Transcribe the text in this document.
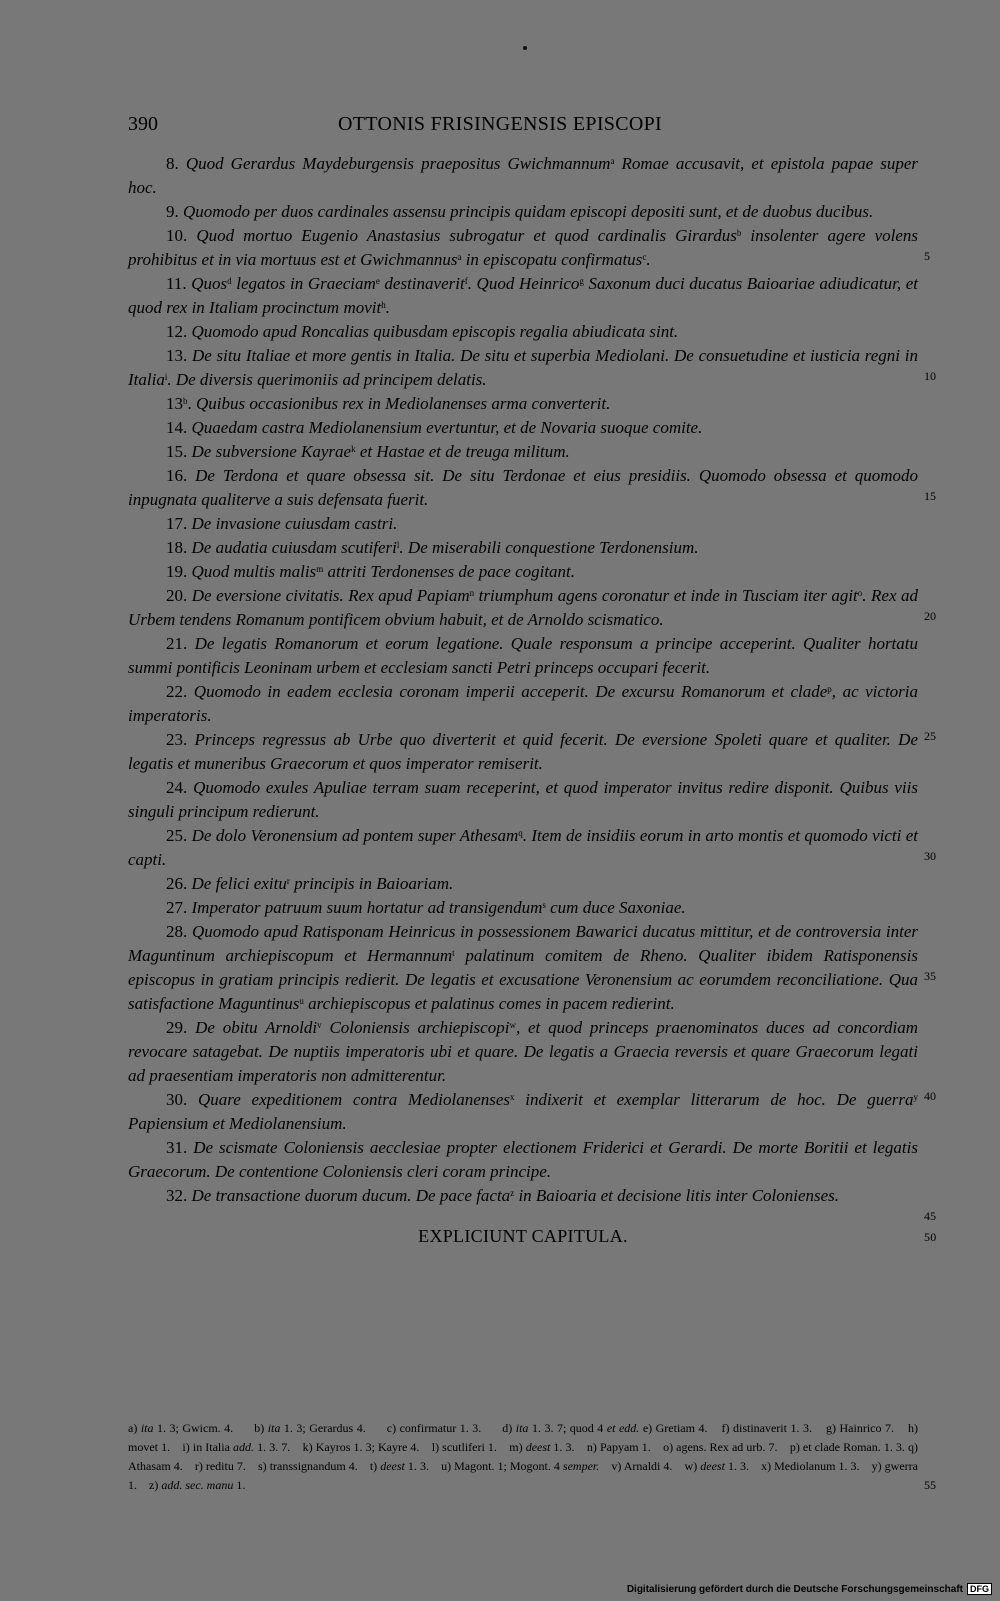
390	OTTONIS FRISINGENSIS EPISCOPI
8. Quod Gerardus Maydeburgensis praepositus Gwichmannum$^a$ Romae accusavit, et epistola papae super hoc.
9. Quomodo per duos cardinales assensu principis quidam episcopi depositi sunt, et de duobus ducibus.
10. Quod mortuo Eugenio Anastasius subrogatur et quod cardinalis Girardus$^b$ insolenter agere volens prohibitus et in via mortuus est et Gwichmannus$^a$ in episcopatu confirmatus$^c$.
11. Quos$^d$ legatos in Graeciam$^e$ destinaverit$^f$. Quod Heinrico$^g$ Saxonum duci ducatus Baioariae adiudicatur, et quod rex in Italiam procinctum movit$^h$.
12. Quomodo apud Roncalias quibusdam episcopis regalia abiudicata sint.
13. De situ Italiae et more gentis in Italia. De situ et superbia Mediolani. De consuetudine et iusticia regni in Italia$^i$. De diversis querimoniis ad principem delatis.
13$^b$. Quibus occasionibus rex in Mediolanenses arma converterit.
14. Quaedam castra Mediolanensium evertuntur, et de Novaria suoque comite.
15. De subversione Kayrae$^k$ et Hastae et de treuga militum.
16. De Terdona et quare obsessa sit. De situ Terdonae et eius presidiis. Quomodo obsessa et quomodo inpugnata qualiterve a suis defensata fuerit.
17. De invasione cuiusdam castri.
18. De audatia cuiusdam scutiferi$^l$. De miserabili conquestione Terdonensium.
19. Quod multis malis$^m$ attriti Terdonenses de pace cogitant.
20. De eversione civitatis. Rex apud Papiam$^n$ triumphum agens coronatur et inde in Tusciam iter agit$^o$. Rex ad Urbem tendens Romanum pontificem obvium habuit, et de Arnoldo scismatico.
21. De legatis Romanorum et eorum legatione. Quale responsum a principe acceperint. Qualiter hortatu summi pontificis Leoninam urbem et ecclesiam sancti Petri princeps occupari fecerit.
22. Quomodo in eadem ecclesia coronam imperii acceperit. De excursu Romanorum et clade$^p$, ac victoria imperatoris.
23. Princeps regressus ab Urbe quo diverterit et quid fecerit. De eversione Spoleti quare et qualiter. De legatis et muneribus Graecorum et quos imperator remiserit.
24. Quomodo exules Apuliae terram suam receperint, et quod imperator invitus redire disponit. Quibus viis singuli principum redierunt.
25. De dolo Veronensium ad pontem super Athesam$^q$. Item de insidiis eorum in arto montis et quomodo victi et capti.
26. De felici exitu$^r$ principis in Baioariam.
27. Imperator patruum suum hortatur ad transigendum$^s$ cum duce Saxoniae.
28. Quomodo apud Ratisponam Heinricus in possessionem Bawarici ducatus mittitur, et de controversia inter Maguntinum archiepiscopum et Hermannum$^t$ palatinum comitem de Rheno. Qualiter ibidem Ratisponensis episcopus in gratiam principis redierit. De legatis et excusatione Veronensium ac eorumdem reconciliatione. Qua satisfactione Maguntinus$^u$ archiepiscopus et palatinus comes in pacem redierint.
29. De obitu Arnoldi$^v$ Coloniensis archiepiscopi$^w$, et quod princeps praenominatos duces ad concordiam revocare satagebat. De nuptiis imperatoris ubi et quare. De legatis a Graecia reversis et quare Graecorum legati ad praesentiam imperatoris non admitterentur.
30. Quare expeditionem contra Mediolanenses$^x$ indixerit et exemplar litterarum de hoc. De guerra$^y$ Papiensium et Mediolanensium.
31. De scismate Coloniensis aecclesiae propter electionem Friderici et Gerardi. De morte Boritii et legatis Graecorum. De contentione Coloniensis cleri coram principe.
32. De transactione duorum ducum. De pace facta$^z$ in Baioaria et decisione litis inter Colonienses.
5
10
15
20
25
30
35
40
45
EXPLICIUNT CAPITULA.	50
a) ita 1. 3; Gwicm. 4.      b) ita 1. 3; Gerardus 4.      c) confirmatur 1. 3.      d) ita 1. 3. 7; quod 4 et edd. e) Gretiam 4.    f) distinaverit 1. 3.    g) Hainrico 7.    h) movet 1.    i) in Italia add. 1. 3. 7.    k) Kayros 1. 3; Kayre 4.    l) scutliferi 1.    m) deest 1. 3.    n) Papyam 1.    o) agens. Rex ad urb. 7.    p) et clade Roman. 1. 3. q) Athasam 4.    r) reditu 7.    s) transsignandum 4.    t) deest 1. 3.    u) Magont. 1; Mogont. 4 semper.    v) Arnaldi 4.    w) deest 1. 3.    x) Mediolanum 1. 3.    y) gwerra 1.    z) add. sec. manu 1.	55
Digitalisierung gefördert durch die Deutsche Forschungsgemeinschaft DFG
